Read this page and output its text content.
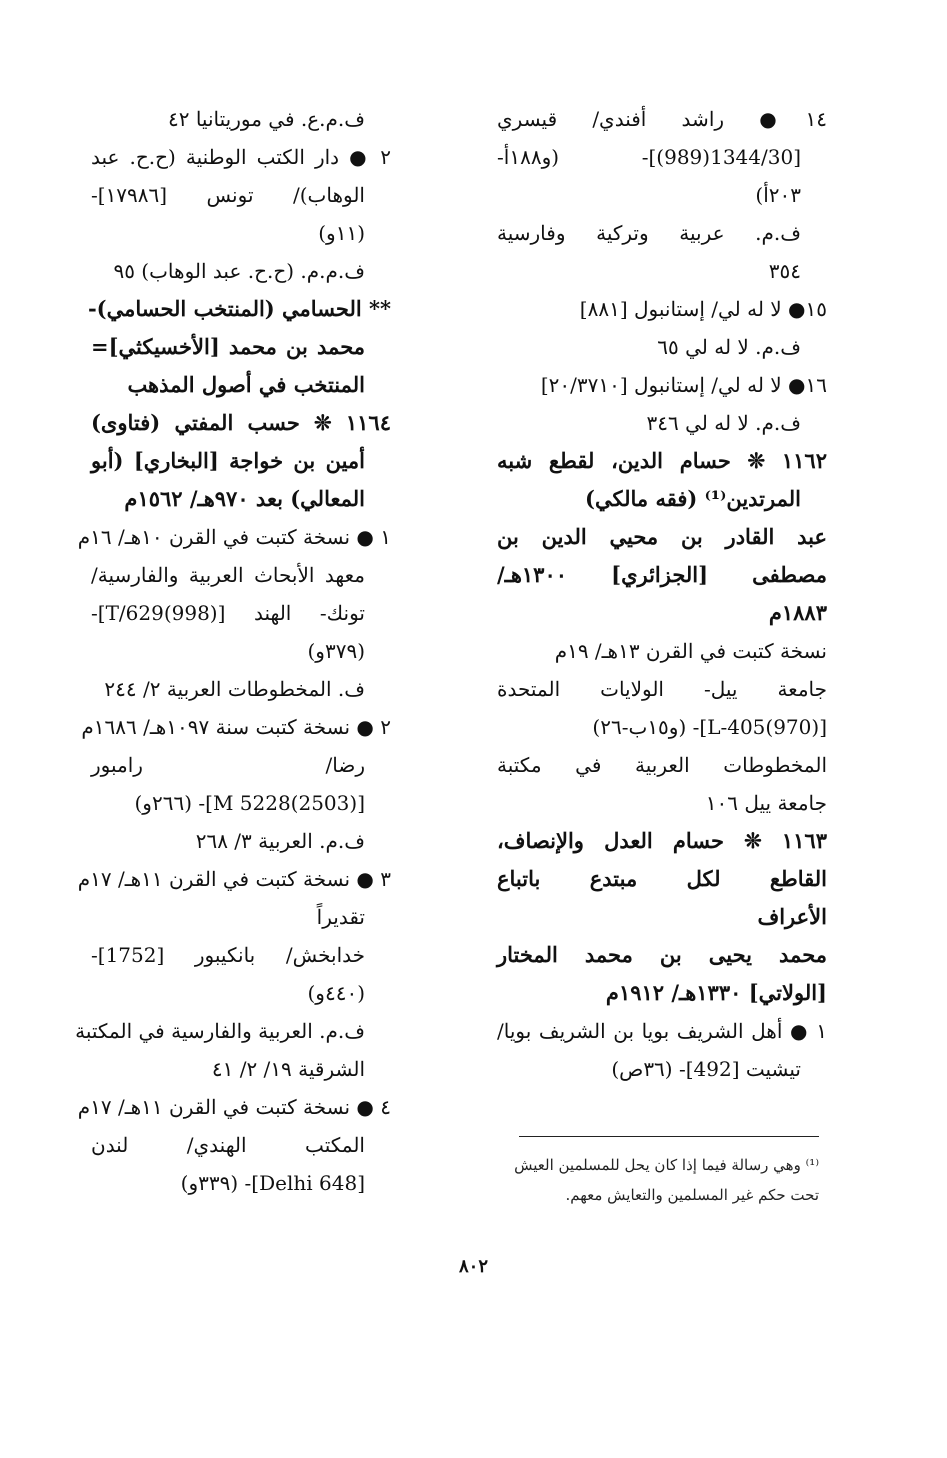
١٤● راشد أفندي/ قيسري
[1344/30(989)]- (و١٨٨أ-
٢٠٣أ)
ف.م. عربية وتركية وفارسية
٣٥٤
١٥● لا له لي/ إستانبول [٨٨١]
ف.م. لا له لي ٦٥
١٦● لا له لي/ إستانبول [٢٠/٣٧١٠]
ف.م. لا له لي ٣٤٦
١١٦٢ ❊ حسام الدين، لقطع شبه
المرتدين⁽¹⁾ (فقه مالكي)
عبد القادر بن محيي الدين بن
مصطفى [الجزائري] ١٣٠٠هـ/
١٨٨٣م
نسخة كتبت في القرن ١٣هـ/ ١٩م
جامعة ييل- الولايات المتحدة
[L-405(970)]- (و١٥ب-٢٦)
المخطوطات العربية في مكتبة
جامعة ييل ١٠٦
١١٦٣ ❊ حسام العدل والإنصاف،
القاطع لكل مبتدع باتباع
الأعراف
محمد يحيى بن محمد المختار
[الولاتي] ١٣٣٠هـ/ ١٩١٢م
١ ● أهل الشريف بويا بن الشريف بويا/
تيشيت [492]- (٣٦ص)
ف.م.ع. في موريتانيا ٤٢
٢ ● دار الكتب الوطنية (ح.ح. عبد
الوهاب)/ تونس [١٧٩٨٦]-
(١١و)
ف.م.م. (ح.ح. عبد الوهاب) ٩٥
** الحسامي (المنتخب الحسامي)-
محمد بن محمد [الأخسيكثي]=
المنتخب في أصول المذهب
١١٦٤ ❊ حسب المفتي (فتاوى)
أمين بن خواجة [البخاري] (أبو
المعالي) بعد ٩٧٠هـ/ ١٥٦٢م
١ ● نسخة كتبت في القرن ١٠هـ/ ١٦م
معهد الأبحاث العربية والفارسية/
تونك- الهند [T/629(998)]-
(٣٧٩و)
ف. المخطوطات العربية ٢/ ٢٤٤
٢ ● نسخة كتبت سنة ١٠٩٧هـ/ ١٦٨٦م
رضا/ رامبور
[M 5228(2503)]- (٢٦٦و)
ف.م. العربية ٣/ ٢٦٨
٣ ● نسخة كتبت في القرن ١١هـ/ ١٧م
تقديراً
خدابخش/ بانكيبور [1752]-
(٤٤٠و)
ف.م. العربية والفارسية في المكتبة
الشرقية ١٩/ ٢/ ٤١
٤ ● نسخة كتبت في القرن ١١هـ/ ١٧م
المكتب الهندي/ لندن
[Delhi 648]- (٣٣٩و)
⁽¹⁾ وهي رسالة فيما إذا كان يحل للمسلمين العيش
تحت حكم غير المسلمين والتعايش معهم.
٨٠٢
